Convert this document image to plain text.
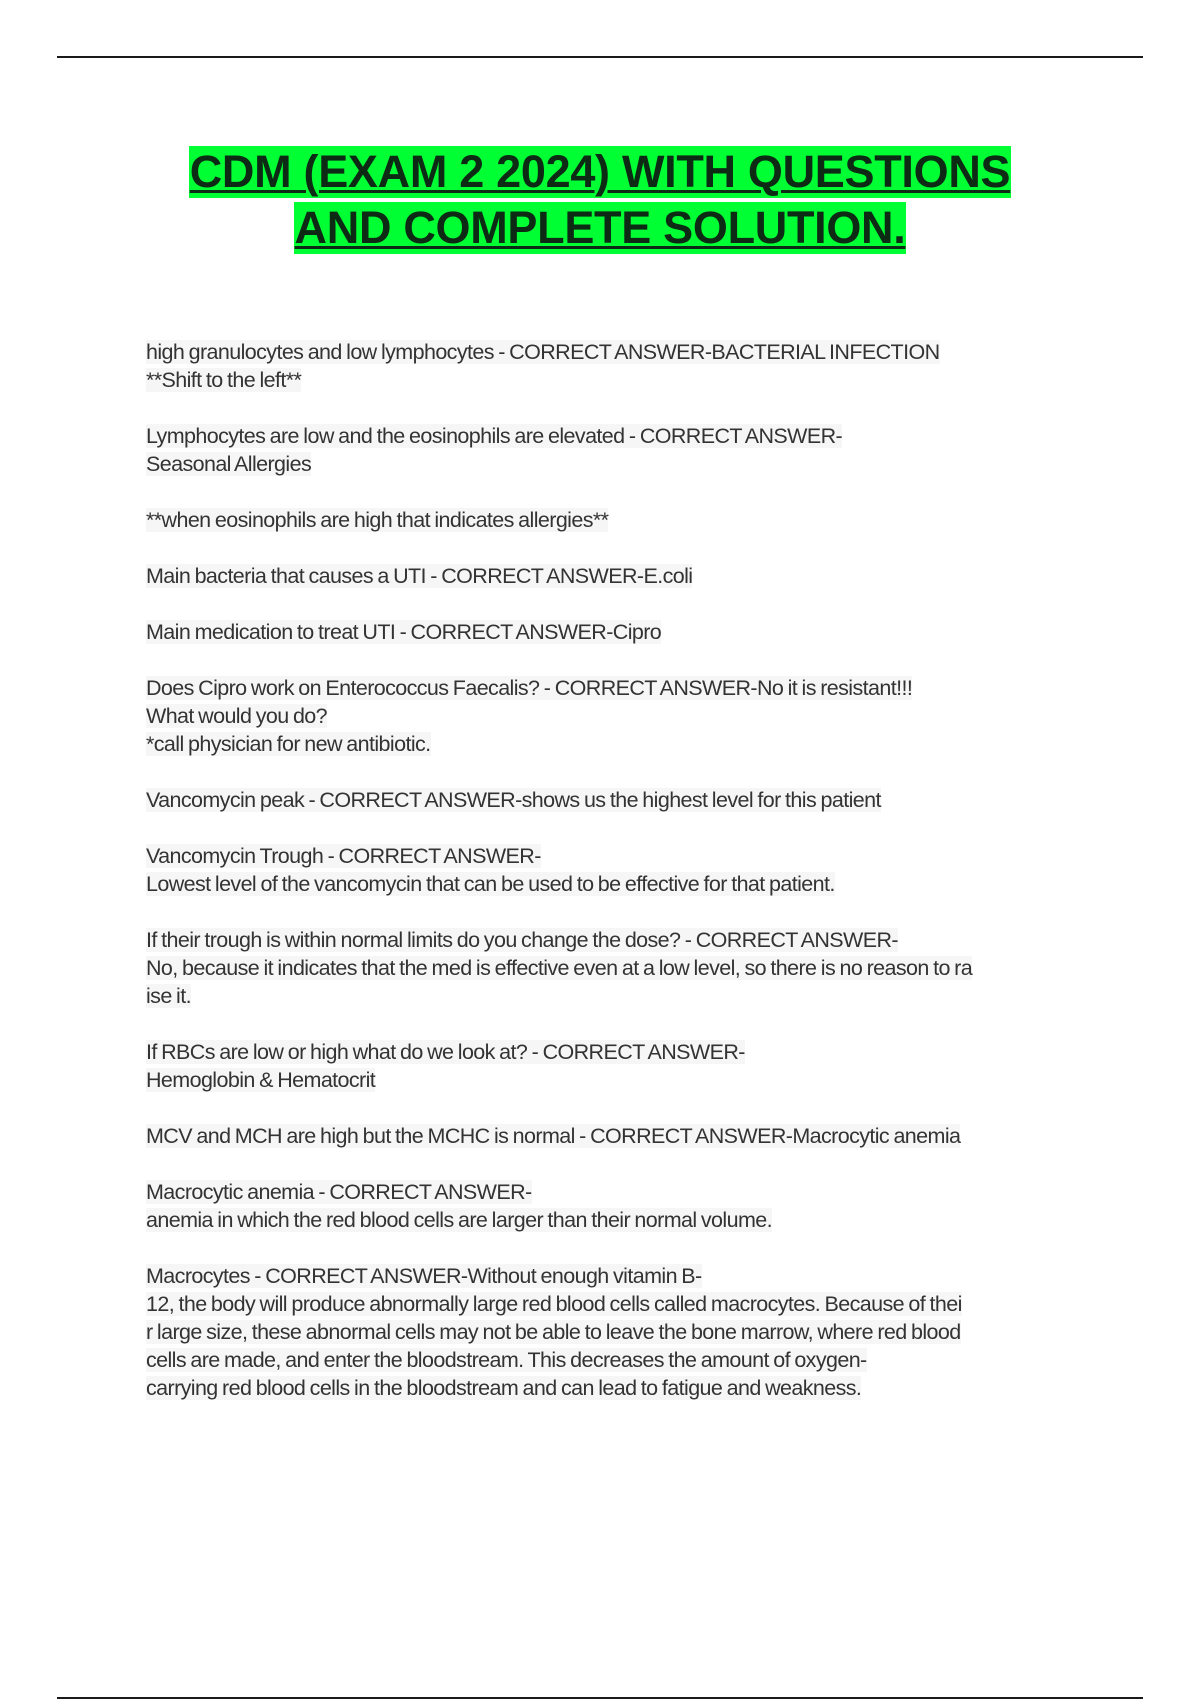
CDM (EXAM 2 2024) WITH QUESTIONS
AND COMPLETE SOLUTION.
high granulocytes and low lymphocytes - CORRECT ANSWER-BACTERIAL INFECTION
**Shift to the left**
Lymphocytes are low and the eosinophils are elevated - CORRECT ANSWER-
Seasonal Allergies
**when eosinophils are high that indicates allergies**
Main bacteria that causes a UTI - CORRECT ANSWER-E.coli
Main medication to treat UTI - CORRECT ANSWER-Cipro
Does Cipro work on Enterococcus Faecalis? - CORRECT ANSWER-No it is resistant!!!
What would you do?
*call physician for new antibiotic.
Vancomycin peak - CORRECT ANSWER-shows us the highest level for this patient
Vancomycin Trough - CORRECT ANSWER-
Lowest level of the vancomycin that can be used to be effective for that patient.
If their trough is within normal limits do you change the dose? - CORRECT ANSWER-
No, because it indicates that the med is effective even at a low level, so there is no reason to ra
ise it.
If RBCs are low or high what do we look at? - CORRECT ANSWER-
Hemoglobin & Hematocrit
MCV and MCH are high but the MCHC is normal - CORRECT ANSWER-Macrocytic anemia
Macrocytic anemia - CORRECT ANSWER-
anemia in which the red blood cells are larger than their normal volume.
Macrocytes - CORRECT ANSWER-Without enough vitamin B-
12, the body will produce abnormally large red blood cells called macrocytes. Because of thei
r large size, these abnormal cells may not be able to leave the bone marrow, where red blood
cells are made, and enter the bloodstream. This decreases the amount of oxygen-
carrying red blood cells in the bloodstream and can lead to fatigue and weakness.
